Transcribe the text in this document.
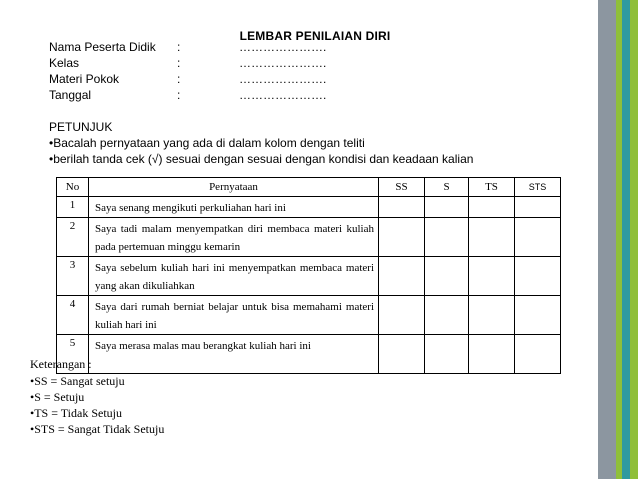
LEMBAR PENILAIAN DIRI
Nama Peserta Didik :	………………….
Kelas	:	………………….
Materi Pokok	:	………………….
Tanggal	:	………………….
PETUNJUK
•Bacalah pernyataan yang ada di dalam kolom dengan teliti
•berilah tanda cek (√) sesuai dengan sesuai dengan kondisi dan keadaan kalian
No	Pernyataan	SS	S	TS	STS
1	Saya senang mengikuti perkuliahan hari ini				
2	Saya tadi malam menyempatkan diri membaca materi kuliah pada pertemuan minggu kemarin				
3	Saya sebelum kuliah hari ini menyempatkan membaca materi yang akan dikuliahkan				
4	Saya dari rumah berniat belajar untuk bisa memahami materi kuliah hari ini				
5	Saya merasa malas mau berangkat kuliah hari ini				
Keterangan :
•SS = Sangat setuju
•S = Setuju
•TS = Tidak Setuju
•STS = Sangat Tidak Setuju
